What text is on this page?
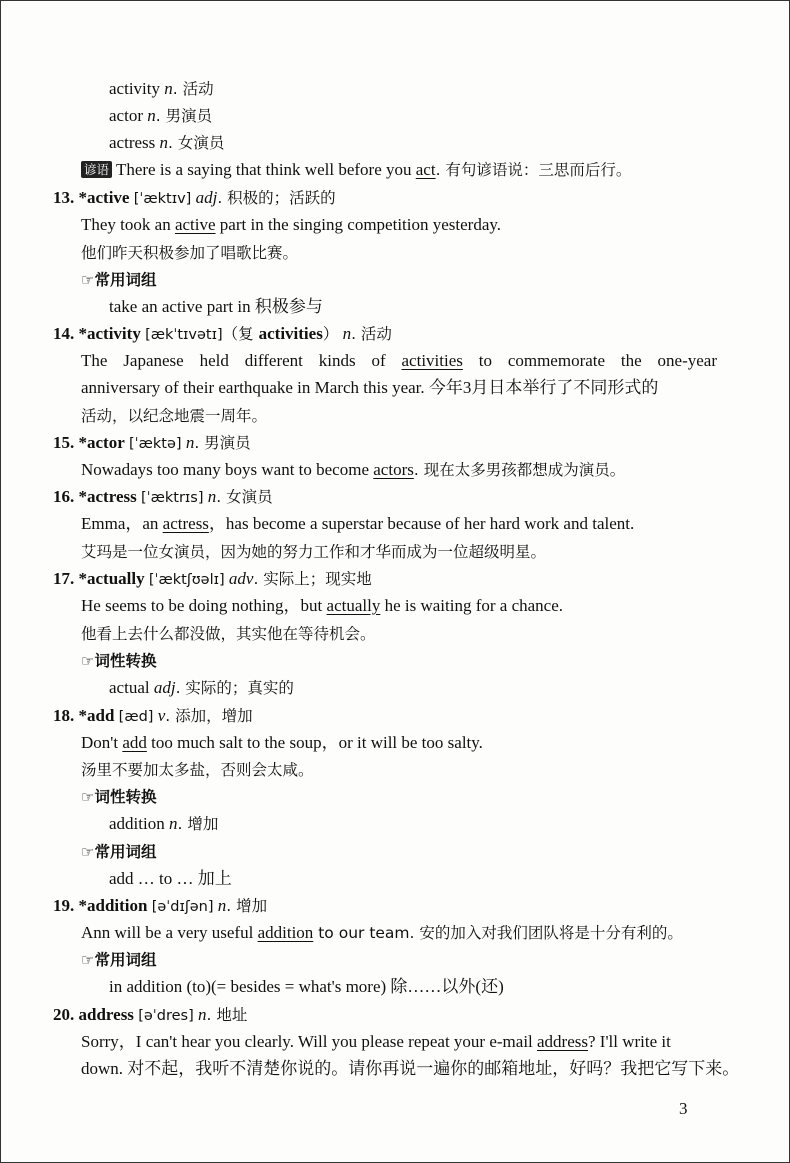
activity n. 活动
actor n. 男演员
actress n. 女演员
谚语 There is a saying that think well before you act. 有句谚语说：三思而后行。
13. *active [ˈæktɪv] adj. 积极的；活跃的
They took an active part in the singing competition yesterday.
他们昨天积极参加了唱歌比赛。
☞常用词组
take an active part in 积极参与
14. *activity [ækˈtɪvətɪ]（复 activities） n. 活动
The Japanese held different kinds of activities to commemorate the one-year
anniversary of their earthquake in March this year. 今年3月日本举行了不同形式的
活动，以纪念地震一周年。
15. *actor [ˈæktə] n. 男演员
Nowadays too many boys want to become actors. 现在太多男孩都想成为演员。
16. *actress [ˈæktrɪs] n. 女演员
Emma，an actress，has become a superstar because of her hard work and talent.
艾玛是一位女演员，因为她的努力工作和才华而成为一位超级明星。
17. *actually [ˈæktʃʊəlɪ] adv. 实际上；现实地
He seems to be doing nothing，but actually he is waiting for a chance.
他看上去什么都没做，其实他在等待机会。
☞词性转换
actual adj. 实际的；真实的
18. *add [æd] v. 添加，增加
Don't add too much salt to the soup，or it will be too salty.
汤里不要加太多盐，否则会太咸。
☞词性转换
addition n. 增加
☞常用词组
add … to … 加上
19. *addition [əˈdɪʃən] n. 增加
Ann will be a very useful addition to our team. 安的加入对我们团队将是十分有利的。
☞常用词组
in addition (to)(= besides = what's more) 除……以外(还)
20. address [əˈdres] n. 地址
Sorry，I can't hear you clearly. Will you please repeat your e-mail address? I'll write it
down. 对不起，我听不清楚你说的。请你再说一遍你的邮箱地址，好吗？我把它写下来。
3
